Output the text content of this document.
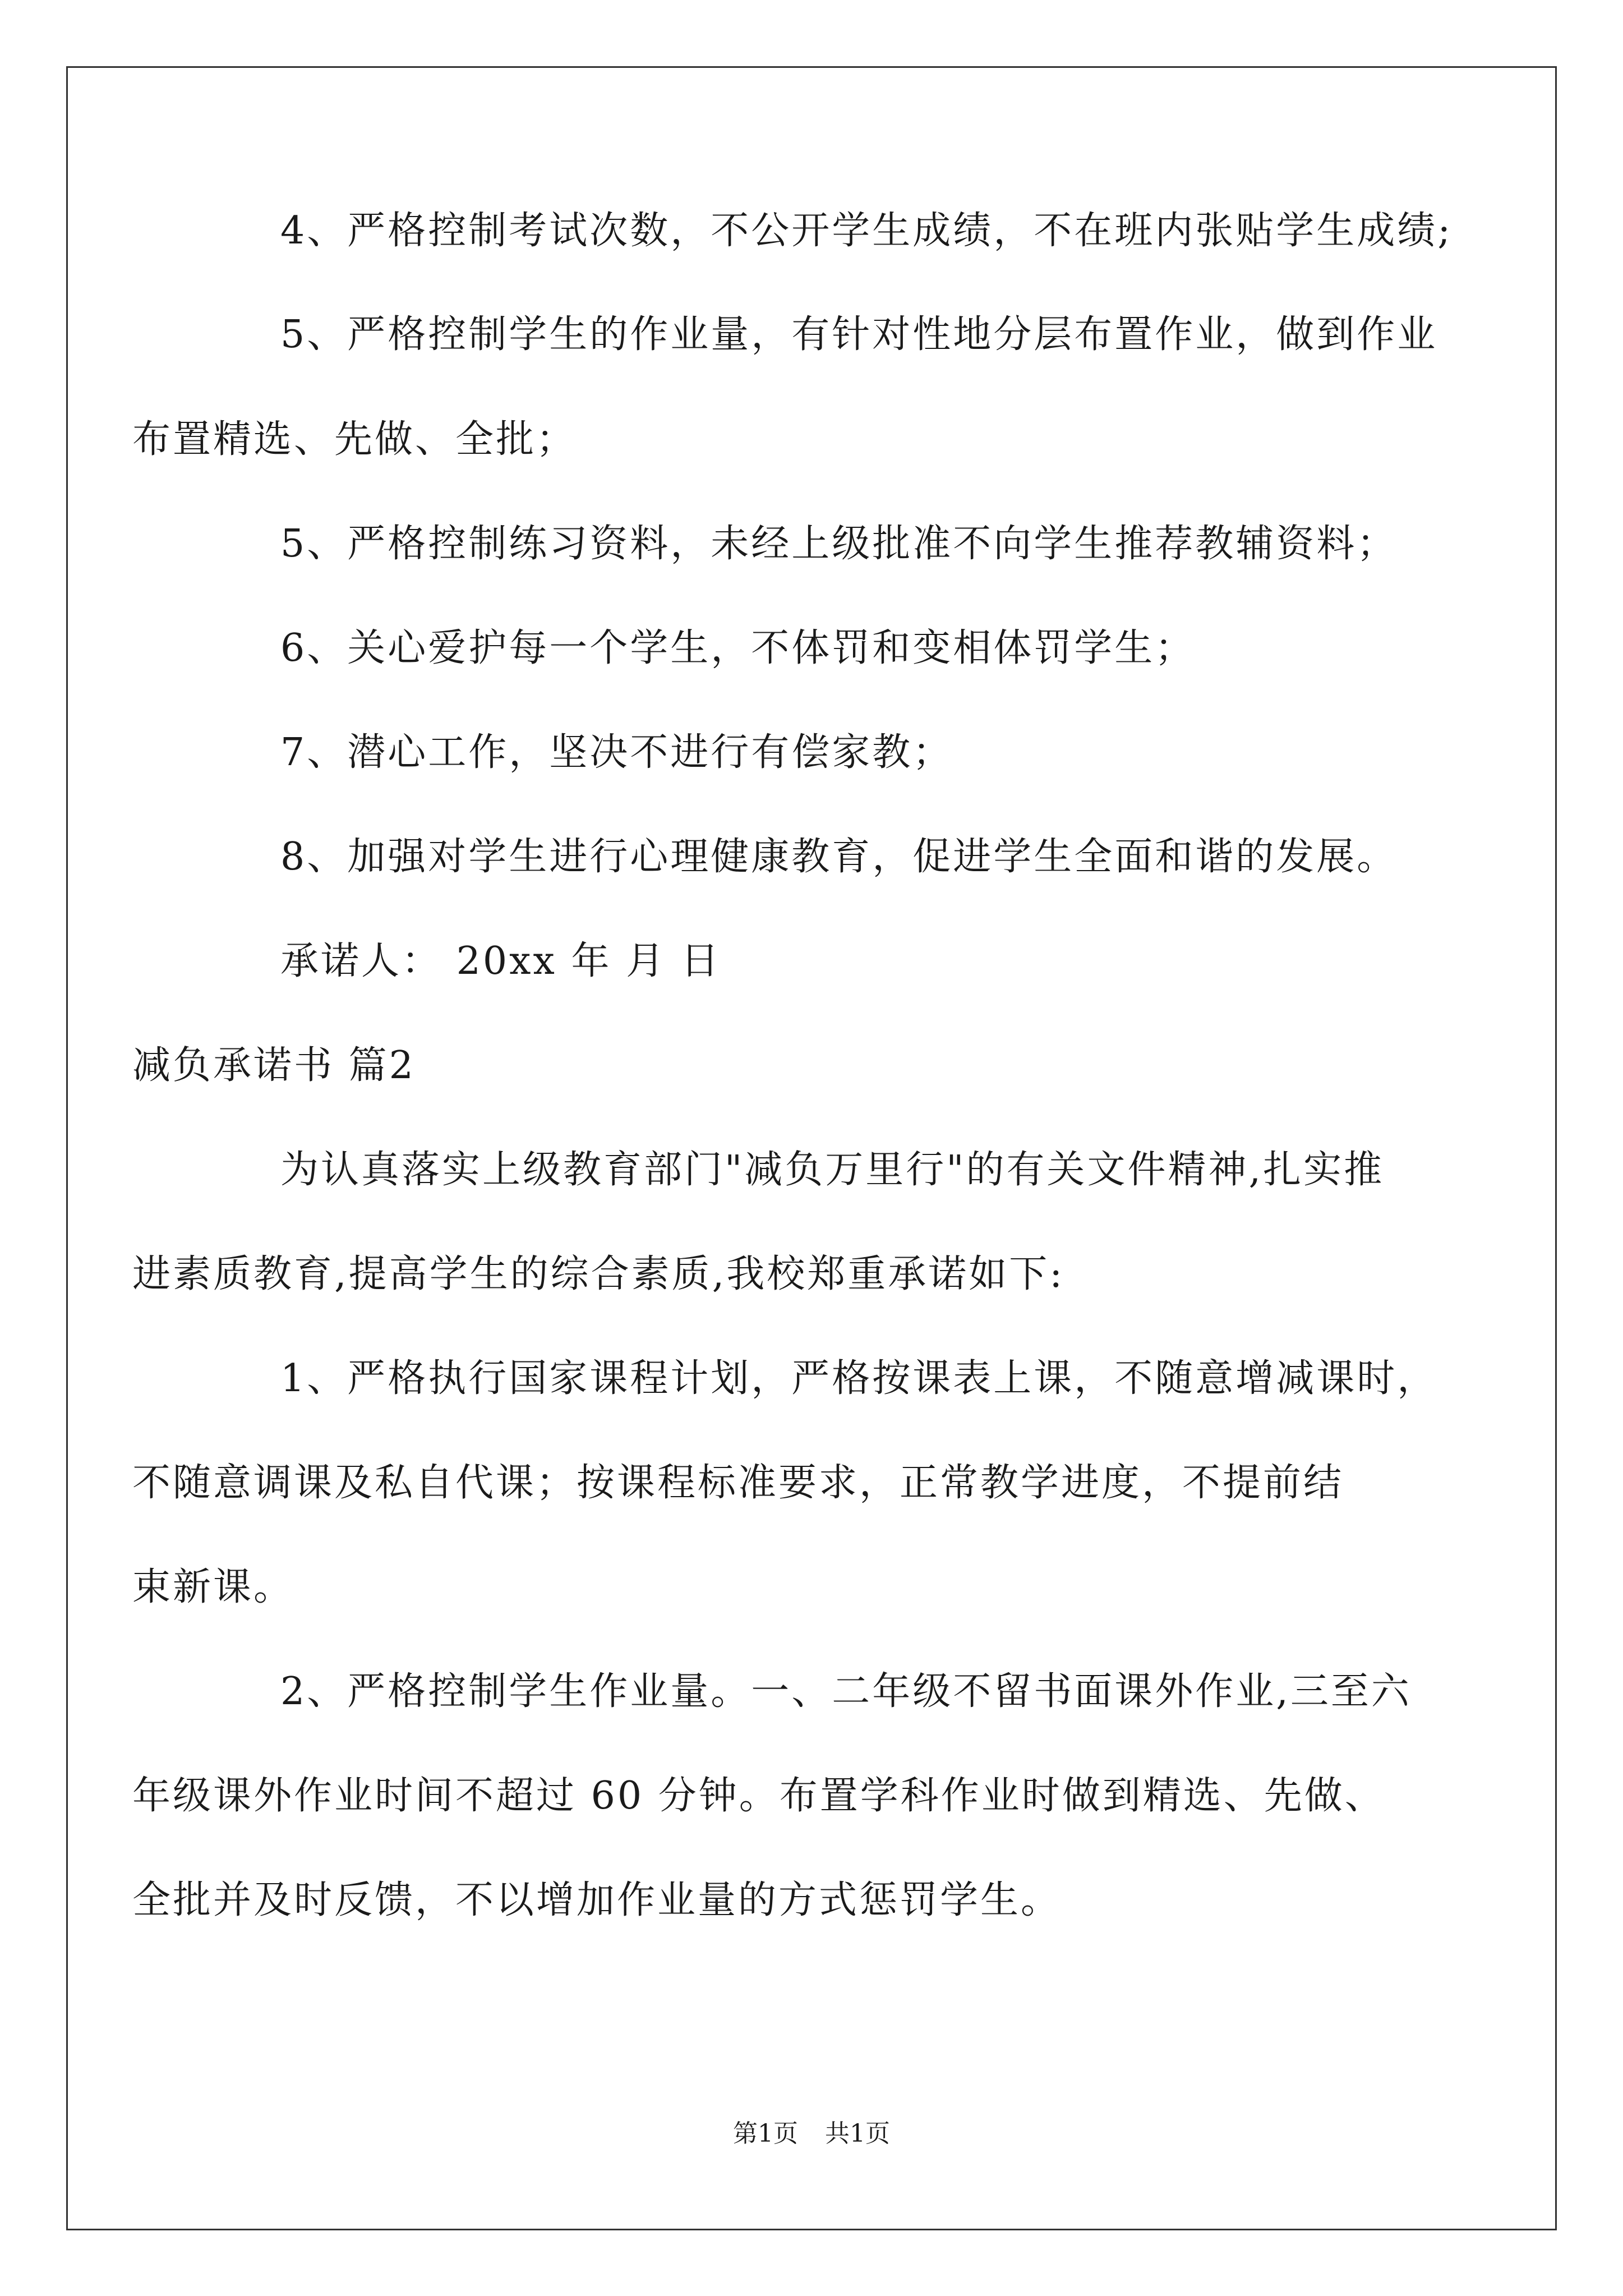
4、严格控制考试次数，不公开学生成绩，不在班内张贴学生成绩;
5、严格控制学生的作业量，有针对性地分层布置作业，做到作业
布置精选、先做、全批；
5、严格控制练习资料，未经上级批准不向学生推荐教辅资料；
6、关心爱护每一个学生，不体罚和变相体罚学生；
7、潜心工作，坚决不进行有偿家教；
8、加强对学生进行心理健康教育，促进学生全面和谐的发展。
承诺人： 20xx 年 月 日
减负承诺书 篇2
为认真落实上级教育部门"减负万里行"的有关文件精神,扎实推
进素质教育,提高学生的综合素质,我校郑重承诺如下:
1、严格执行国家课程计划，严格按课表上课，不随意增减课时，
不随意调课及私自代课；按课程标准要求，正常教学进度，不提前结
束新课。
2、严格控制学生作业量。一、二年级不留书面课外作业,三至六
年级课外作业时间不超过 60 分钟。布置学科作业时做到精选、先做、
全批并及时反馈，不以增加作业量的方式惩罚学生。
第1页 共1页
